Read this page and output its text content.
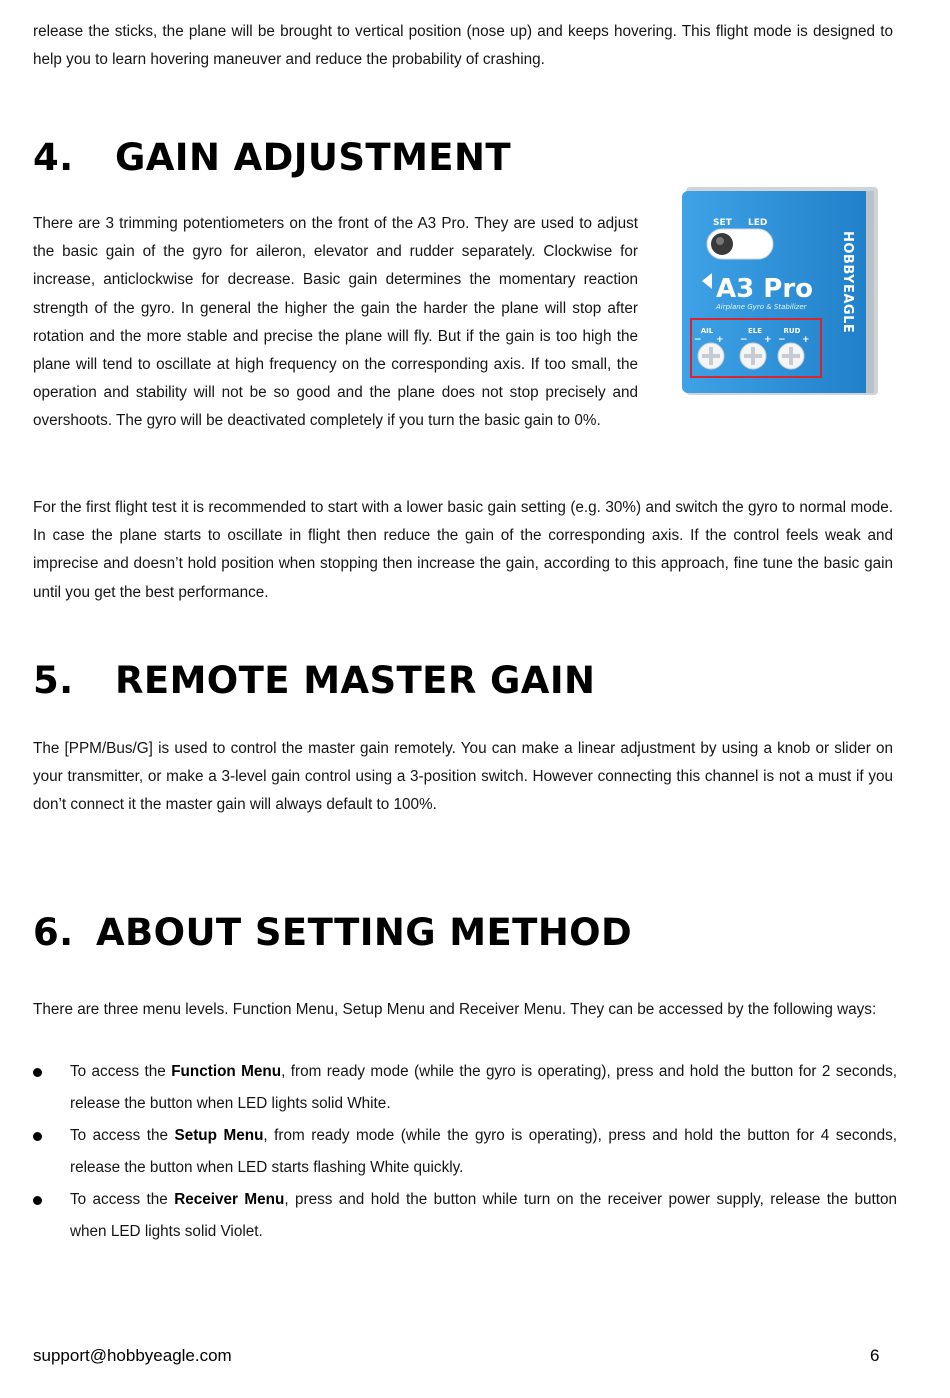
release the sticks, the plane will be brought to vertical position (nose up) and keeps hovering. This flight mode is designed to help you to learn hovering maneuver and reduce the probability of crashing.

4.	GAIN ADJUSTMENT

There are 3 trimming potentiometers on the front of the A3 Pro. They are used to adjust the basic gain of the gyro for aileron, elevator and rudder separately. Clockwise for increase, anticlockwise for decrease. Basic gain determines the momentary reaction strength of the gyro. In general the higher the gain the harder the plane will stop after rotation and the more stable and precise the plane will fly. But if the gain is too high the plane will tend to oscillate at high frequency on the corresponding axis. If too small, the operation and stability will not be so good and the plane does not stop precisely and overshoots. The gyro will be deactivated completely if you turn the basic gain to 0%.

SET LED
A3 Pro
Airplane Gyro & Stabilizer	HOBBYEAGLE
AIL	ELE	RUD
− + − + − +

For the first flight test it is recommended to start with a lower basic gain setting (e.g. 30%) and switch the gyro to normal mode. In case the plane starts to oscillate in flight then reduce the gain of the corresponding axis. If the control feels weak and imprecise and doesn’t hold position when stopping then increase the gain, according to this approach, fine tune the basic gain until you get the best performance.

5.	REMOTE MASTER GAIN

The [PPM/Bus/G] is used to control the master gain remotely. You can make a linear adjustment by using a knob or slider on your transmitter, or make a 3-level gain control using a 3-position switch. However connecting this channel is not a must if you don’t connect it the master gain will always default to 100%.

6. ABOUT SETTING METHOD

There are three menu levels. Function Menu, Setup Menu and Receiver Menu. They can be accessed by the following ways:

To access the Function Menu, from ready mode (while the gyro is operating), press and hold the button for 2 seconds, release the button when LED lights solid White.
To access the Setup Menu, from ready mode (while the gyro is operating), press and hold the button for 4 seconds, release the button when LED starts flashing White quickly.
To access the Receiver Menu, press and hold the button while turn on the receiver power supply, release the button when LED lights solid Violet.
support@hobbyeagle.com	6
